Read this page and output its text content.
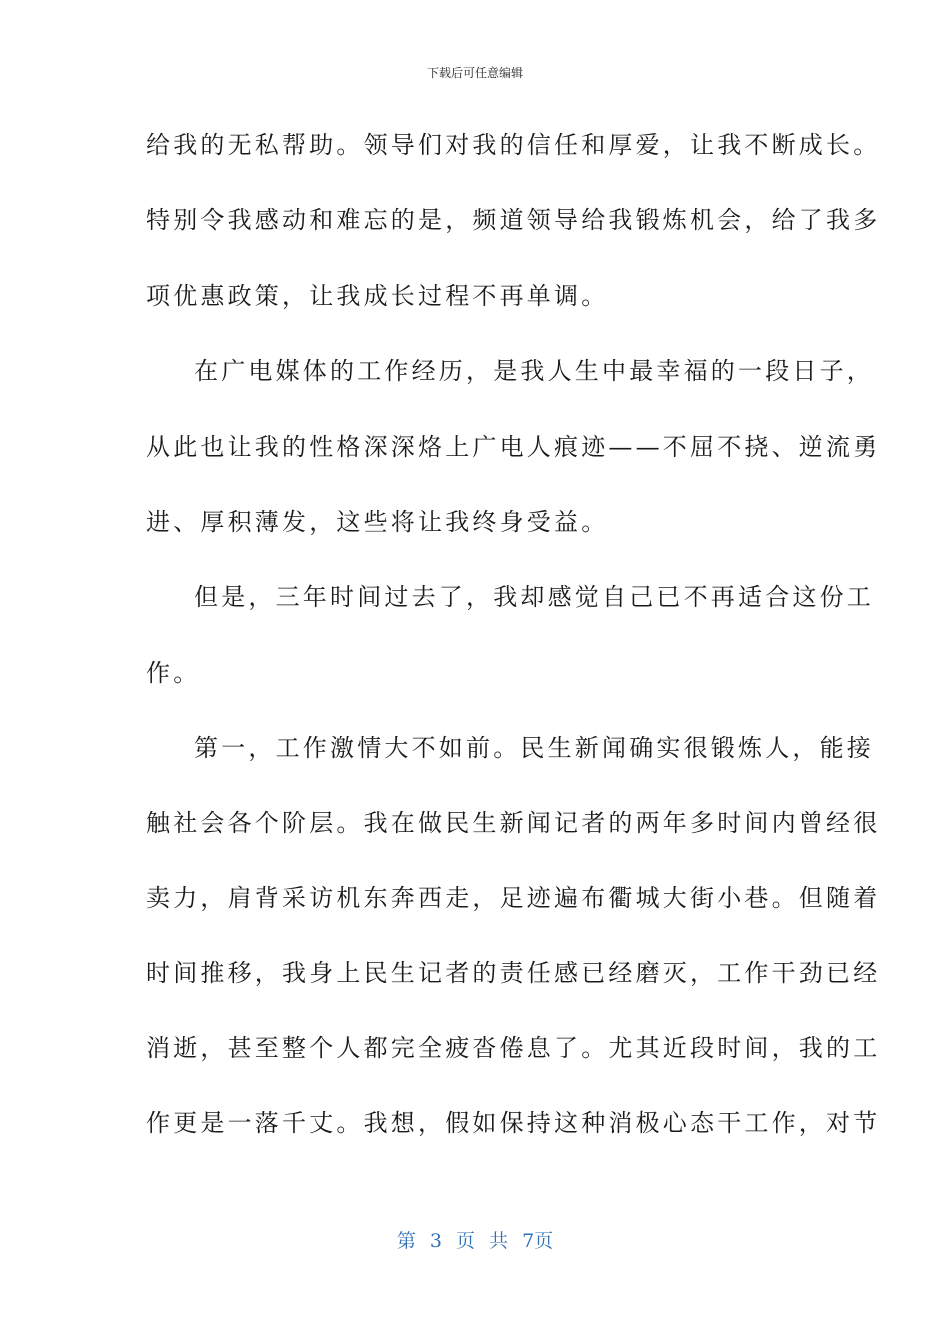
下载后可任意编辑
给我的无私帮助。领导们对我的信任和厚爱，让我不断成长。
特别令我感动和难忘的是，频道领导给我锻炼机会，给了我多
项优惠政策，让我成长过程不再单调。
在广电媒体的工作经历，是我人生中最幸福的一段日子，
从此也让我的性格深深烙上广电人痕迹——不屈不挠、逆流勇
进、厚积薄发，这些将让我终身受益。
但是，三年时间过去了，我却感觉自己已不再适合这份工
作。
第一，工作激情大不如前。民生新闻确实很锻炼人，能接
触社会各个阶层。我在做民生新闻记者的两年多时间内曾经很
卖力，肩背采访机东奔西走，足迹遍布衢城大街小巷。但随着
时间推移，我身上民生记者的责任感已经磨灭，工作干劲已经
消逝，甚至整个人都完全疲沓倦息了。尤其近段时间，我的工
作更是一落千丈。我想，假如保持这种消极心态干工作，对节
第 3 页 共 7页
